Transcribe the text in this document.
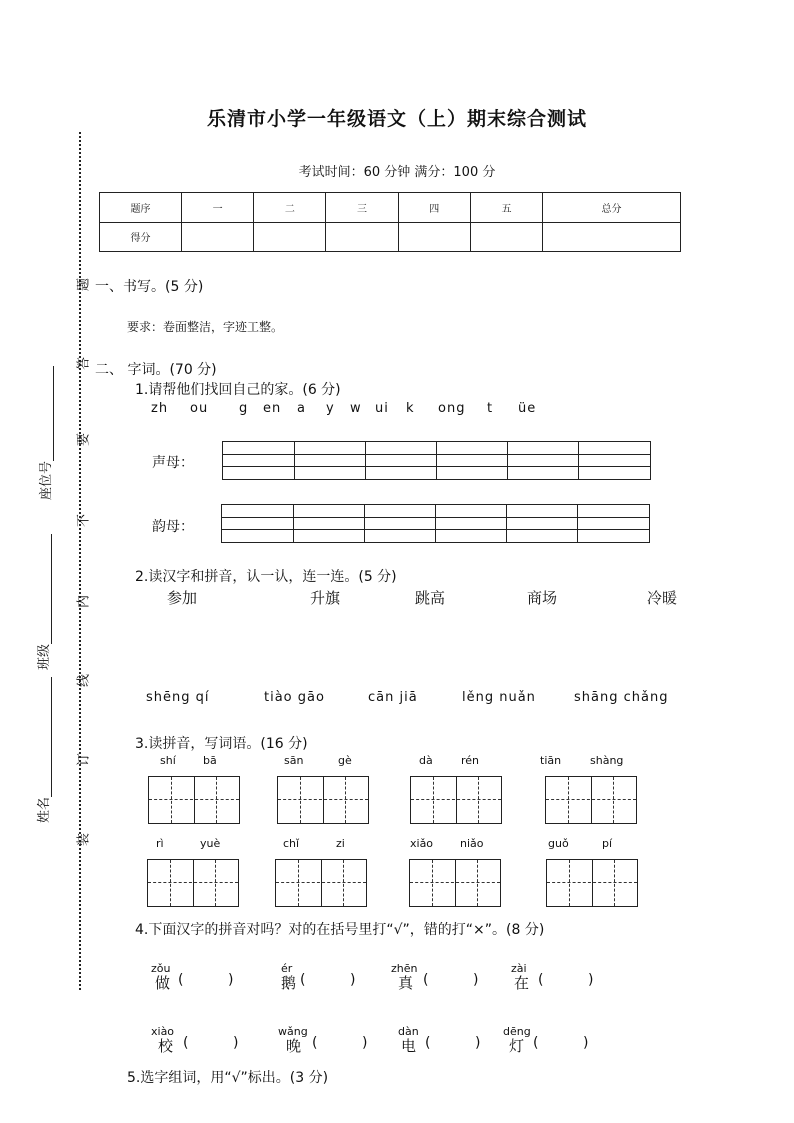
乐清市小学一年级语文（上）期末综合测试
考试时间：60 分钟 满分：100 分
题序	一	二	三	四	五	总分
得分						
题
答
要
不
内
线
订
装
座位号
班级
姓名
一、书写。(5 分)
要求：卷面整洁，字迹工整。
二、 字词。(70 分)
1.请帮他们找回自己的家。(6 分)
zh ou g en a y w ui k ong t üe
声母：
韵母：
2.读汉字和拼音，认一认，连一连。(5 分)
参加	升旗	跳高	商场	冷暖
shēng qí	tiào gāo	cān jiā	lěng nuǎn	shāng chǎng
3.读拼音，写词语。(16 分)
shí bā	sān	gè	dà	rén	tiān	shàng
rì	yuè	chǐ	zi	xiǎo niǎo	guǒ	pí
4.下面汉字的拼音对吗？对的在括号里打“√”，错的打“×”。(8 分)
zǒu
做 (          )
ér
鹅 (          )
zhēn
真 (          )
zài
在 (          )
xiào
校 (          )
wǎng
晚 (          )
dàn
电 (          )
dēng
灯 (          )
5.选字组词，用“√”标出。(3 分)
